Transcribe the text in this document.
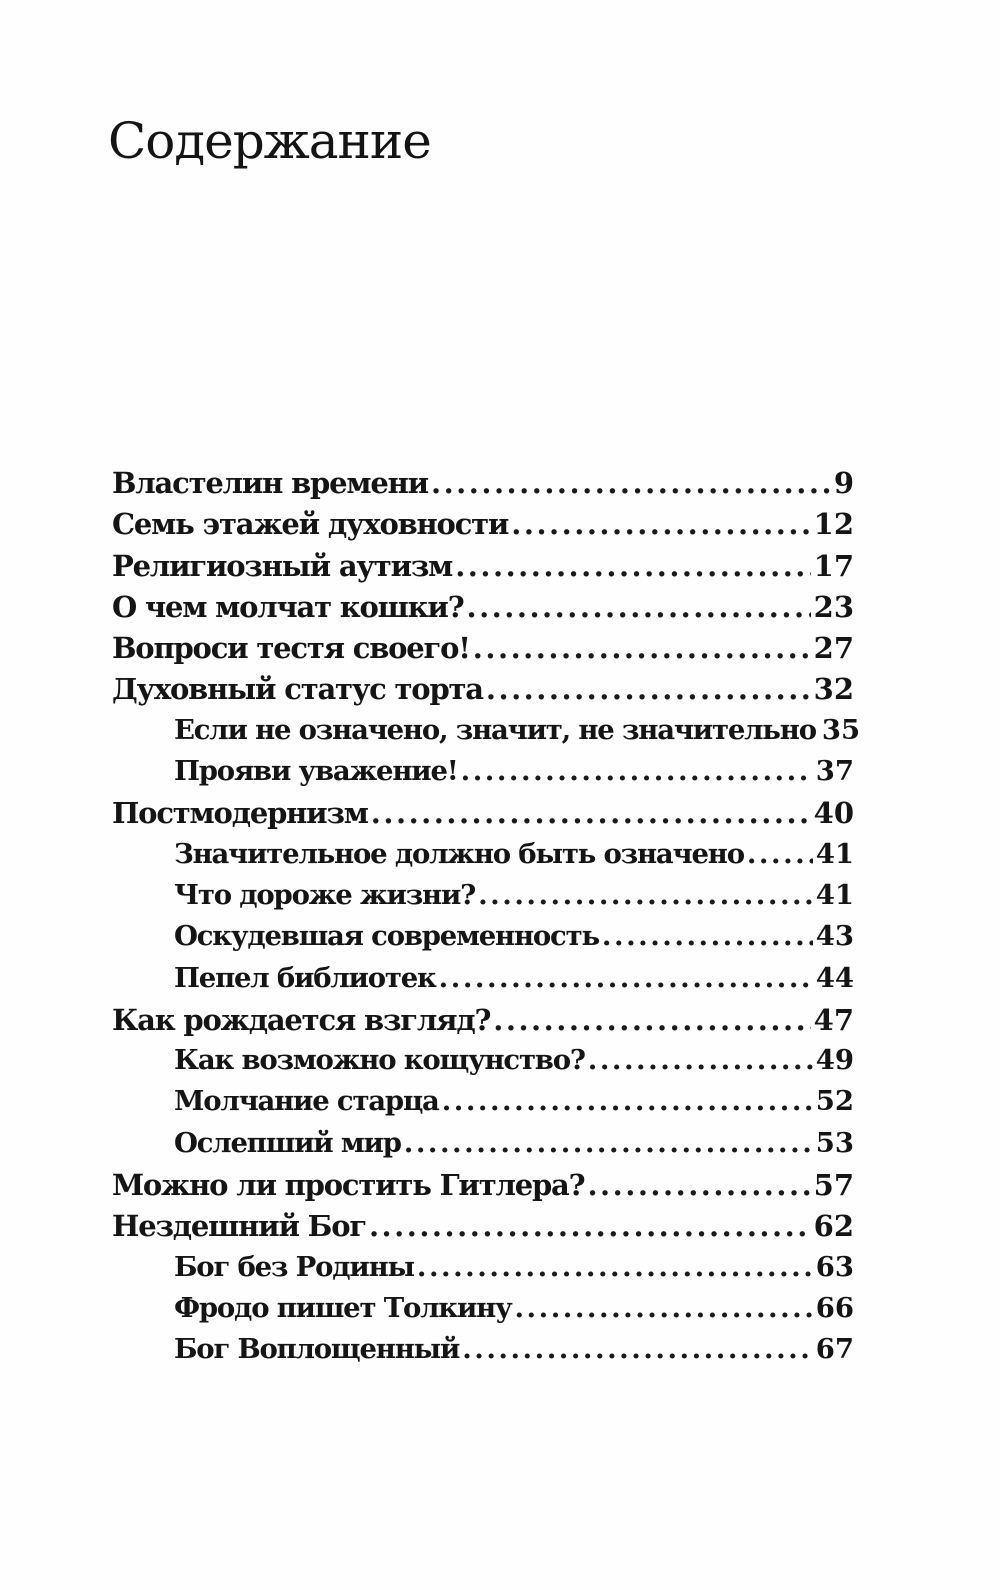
Содержание
Властелин времени .....	9
Семь этажей духовности .....	12
Религиозный аутизм .....	17
О чем молчат кошки? .....	23
Вопроси тестя своего! .....	27
Духовный статус торта .....	32
Если не означено, значит, не значительно 35
Прояви уважение! .....	37
Постмодернизм .....	40
Значительное должно быть означено .....	41
Что дороже жизни? .....	41
Оскудевшая современность .....	43
Пепел библиотек .....	44
Как рождается взгляд? .....	47
Как возможно кощунство? .....	49
Молчание старца .....	52
Ослепший мир .....	53
Можно ли простить Гитлера? .....	57
Нездешний Бог .....	62
Бог без Родины .....	63
Фродо пишет Толкину .....	66
Бог Воплощенный .....	67
